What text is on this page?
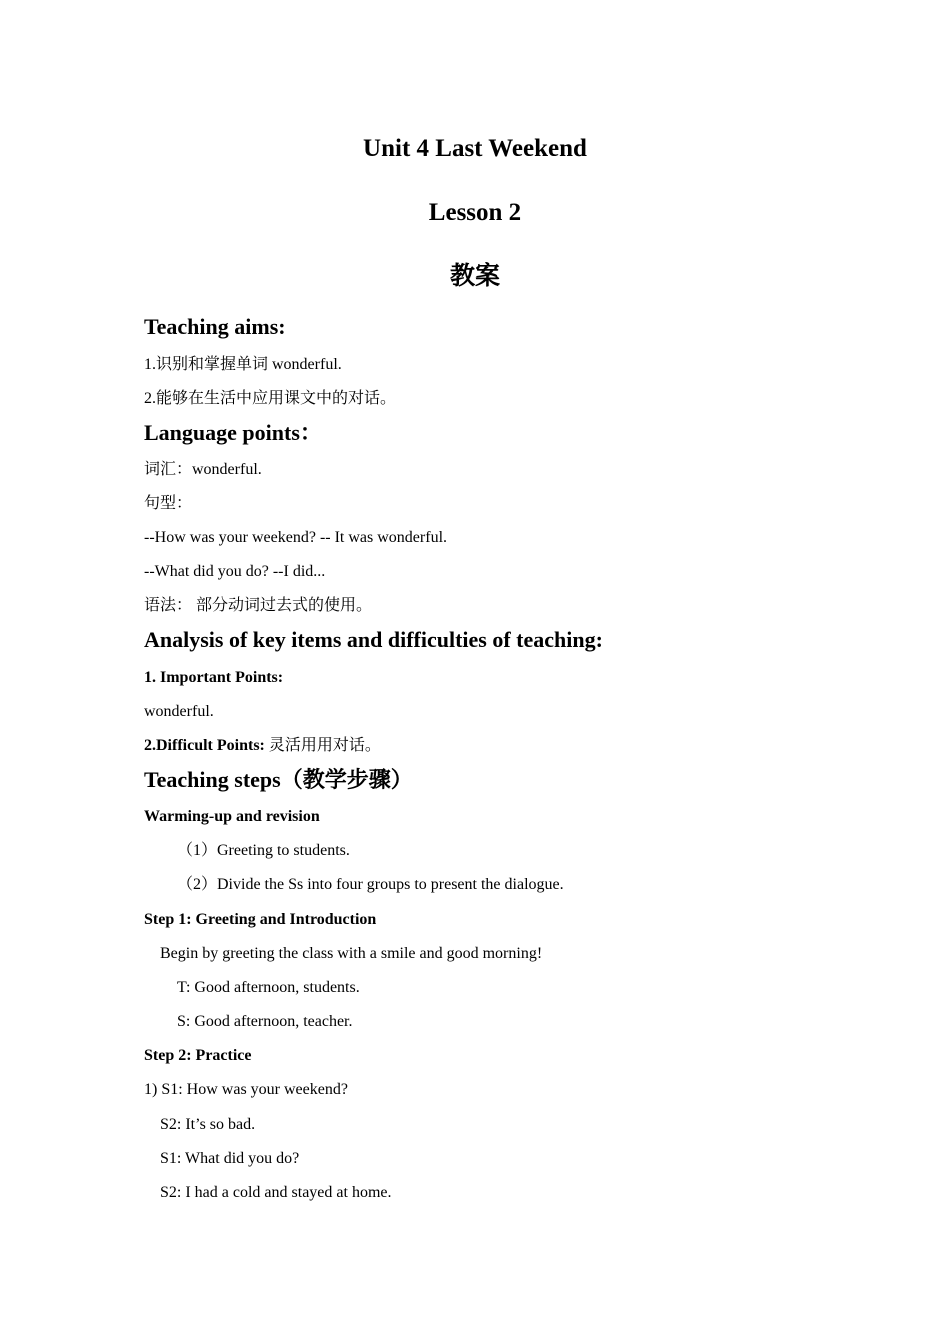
Unit 4 Last Weekend
Lesson 2
教案
Teaching aims:
1.识别和掌握单词 wonderful.
2.能够在生活中应用课文中的对话。
Language points：
词汇：wonderful.
句型：
--How was your weekend? -- It was wonderful.
--What did you do? --I did...
语法： 部分动词过去式的使用。
Analysis of key items and difficulties of teaching:
1. Important Points:
wonderful.
2.Difficult Points: 灵活用用对话。
Teaching steps（教学步骤）
Warming-up and revision
（1）Greeting to students.
（2）Divide the Ss into four groups to present the dialogue.
Step 1: Greeting and Introduction
Begin by greeting the class with a smile and good morning!
T: Good afternoon, students.
S: Good afternoon, teacher.
Step 2: Practice
1) S1: How was your weekend?
S2: It’s so bad.
S1: What did you do?
S2: I had a cold and stayed at home.
